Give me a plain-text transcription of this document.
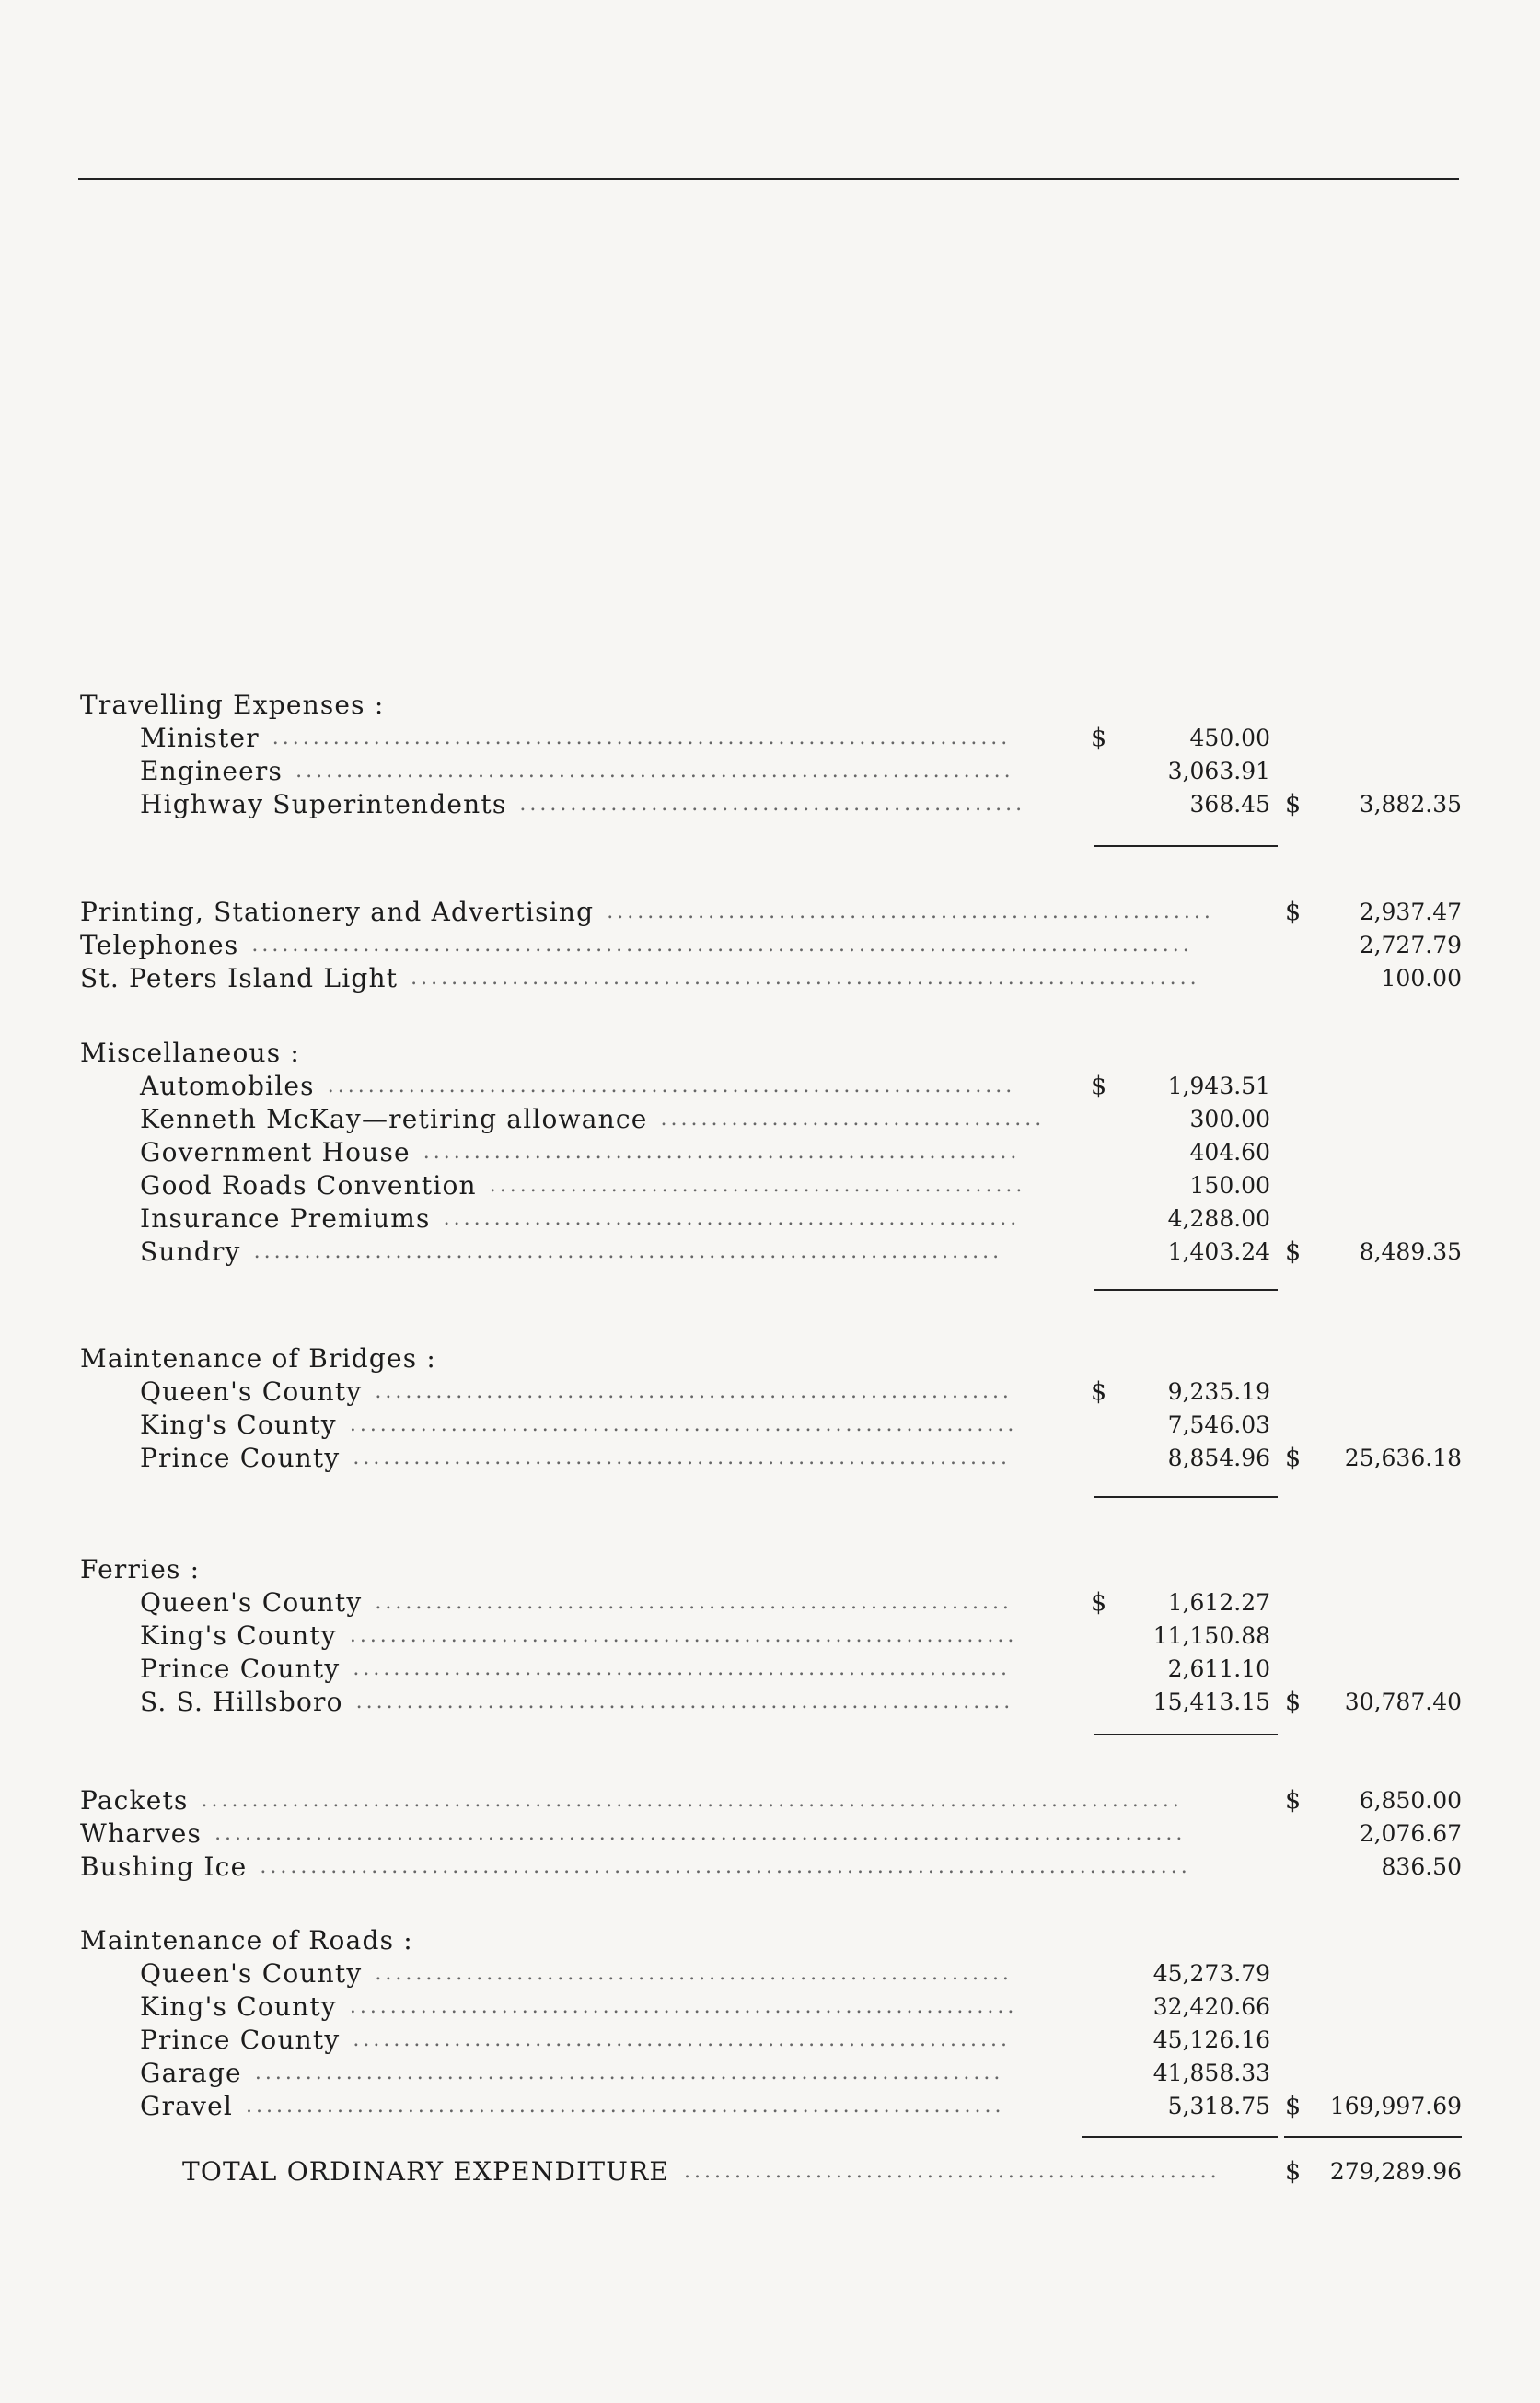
Travelling Expenses :
Minister .........................................................................	$	450.00
Engineers .......................................................................	3,063.91
Highway Superintendents ..................................................	368.45 $	3,882.35
Printing, Stationery and Advertising ............................................................	$	2,937.47
Telephones .............................................................................................	2,727.79
St. Peters Island Light ..............................................................................	100.00
Miscellaneous :
Automobiles ....................................................................	$	1,943.51
Kenneth McKay—retiring allowance ......................................	300.00
Government House ...........................................................	404.60
Good Roads Convention .....................................................	150.00
Insurance Premiums .........................................................	4,288.00
Sundry ..........................................................................	1,403.24 $	8,489.35
Maintenance of Bridges :
Queen's County ...............................................................	$	9,235.19
King's County ..................................................................	7,546.03
Prince County .................................................................	8,854.96 $ 25,636.18
Ferries :
Queen's County ...............................................................	$	1,612.27
King's County ..................................................................	11,150.88
Prince County .................................................................	2,611.10
S. S. Hillsboro .................................................................	15,413.15 $ 30,787.40
Packets .................................................................................................	$	6,850.00
Wharves ................................................................................................	2,076.67
Bushing Ice ............................................................................................	836.50
Maintenance of Roads :
Queen's County ...............................................................	45,273.79
King's County ..................................................................	32,420.66
Prince County .................................................................	45,126.16
Garage ..........................................................................	41,858.33
Gravel ...........................................................................	5,318.75 $ 169,997.69
TOTAL ORDINARY EXPENDITURE .....................................................	$ 279,289.96
